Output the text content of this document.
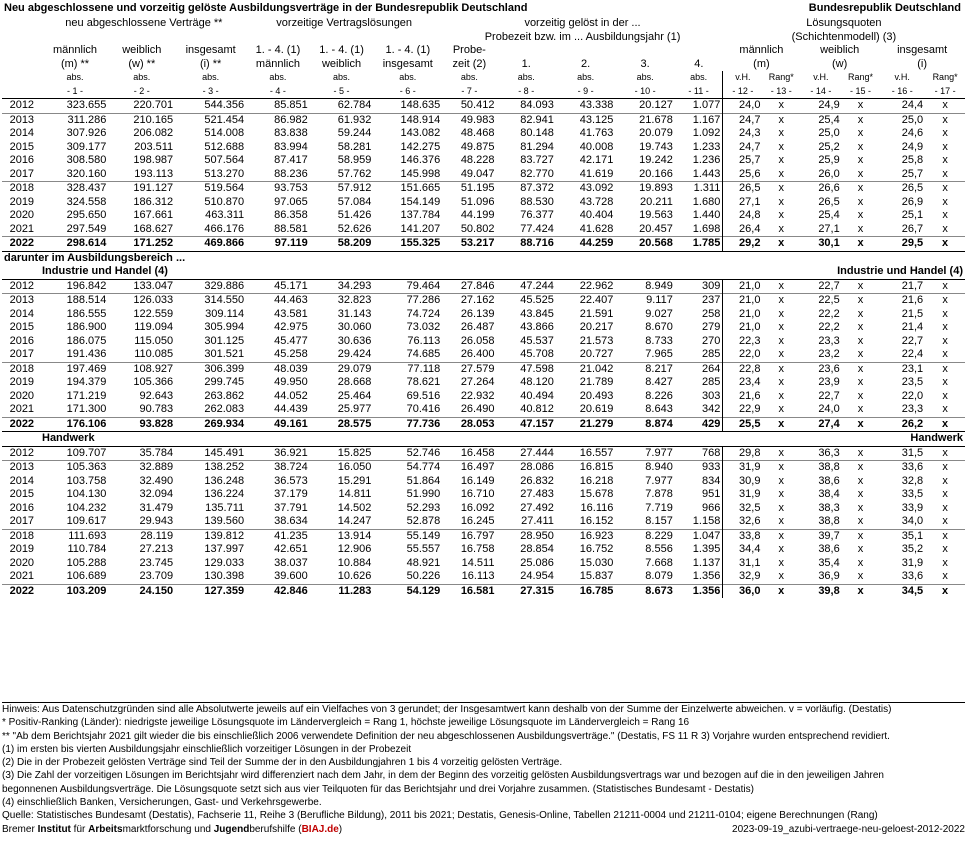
Neu abgeschlossene und vorzeitig gelöste Ausbildungsverträge in der Bundesrepublik Deutschland	Bundesrepublik Deutschland
	neu abgeschlossene Verträge **			vorzeitige Vertragslösungen			vorzeitig gelöst in der ...					Lösungsquoten					
							Probezeit bzw. im ... Ausbildungsjahr (1)					(Schichtenmodell) (3)					
	männlich	weiblich	insgesamt	1. - 4. (1)	1. - 4. (1)	1. - 4. (1)	Probe-					männlich		weiblich		insgesamt	
	(m) **	(w) **	(i) **	männlich	weiblich	insgesamt	zeit (2)	1.	2.	3.	4.	(m)		(w)		(i)	
	abs.	abs.	abs.	abs.	abs.	abs.	abs.	abs.	abs.	abs.	abs.	v.H.	Rang*	v.H.	Rang*	v.H.	Rang*
	- 1 -	- 2 -	- 3 -	- 4 -	- 5 -	- 6 -	- 7 -	- 8 -	- 9 -	- 10 -	- 11 -	- 12 -	- 13 -	- 14 -	- 15 -	- 16 -	- 17 -
2012	323.655	220.701	544.356	85.851	62.784	148.635	50.412	84.093	43.338	20.127	1.077	24,0	x	24,9	x	24,4	x
2013	311.286	210.165	521.454	86.982	61.932	148.914	49.983	82.941	43.125	21.678	1.167	24,7	x	25,4	x	25,0	x
2014	307.926	206.082	514.008	83.838	59.244	143.082	48.468	80.148	41.763	20.079	1.092	24,3	x	25,0	x	24,6	x
2015	309.177	203.511	512.688	83.994	58.281	142.275	49.875	81.294	40.008	19.743	1.233	24,7	x	25,2	x	24,9	x
2016	308.580	198.987	507.564	87.417	58.959	146.376	48.228	83.727	42.171	19.242	1.236	25,7	x	25,9	x	25,8	x
2017	320.160	193.113	513.270	88.236	57.762	145.998	49.047	82.770	41.619	20.166	1.443	25,6	x	26,0	x	25,7	x
2018	328.437	191.127	519.564	93.753	57.912	151.665	51.195	87.372	43.092	19.893	1.311	26,5	x	26,6	x	26,5	x
2019	324.558	186.312	510.870	97.065	57.084	154.149	51.096	88.530	43.728	20.211	1.680	27,1	x	26,5	x	26,9	x
2020	295.650	167.661	463.311	86.358	51.426	137.784	44.199	76.377	40.404	19.563	1.440	24,8	x	25,4	x	25,1	x
2021	297.549	168.627	466.176	88.581	52.626	141.207	50.802	77.424	41.628	20.457	1.698	26,4	x	27,1	x	26,7	x
2022	298.614	171.252	469.866	97.119	58.209	155.325	53.217	88.716	44.259	20.568	1.785	29,2	x	30,1	x	29,5	x
darunter im Ausbildungsbereich ...																	
Industrie und Handel (4)							Industrie und Handel (4)										
2012	196.842	133.047	329.886	45.171	34.293	79.464	27.846	47.244	22.962	8.949	309	21,0	x	22,7	x	21,7	x
2013	188.514	126.033	314.550	44.463	32.823	77.286	27.162	45.525	22.407	9.117	237	21,0	x	22,5	x	21,6	x
2014	186.555	122.559	309.114	43.581	31.143	74.724	26.139	43.845	21.591	9.027	258	21,0	x	22,2	x	21,5	x
2015	186.900	119.094	305.994	42.975	30.060	73.032	26.487	43.866	20.217	8.670	279	21,0	x	22,2	x	21,4	x
2016	186.075	115.050	301.125	45.477	30.636	76.113	26.058	45.537	21.573	8.733	270	22,3	x	23,3	x	22,7	x
2017	191.436	110.085	301.521	45.258	29.424	74.685	26.400	45.708	20.727	7.965	285	22,0	x	23,2	x	22,4	x
2018	197.469	108.927	306.399	48.039	29.079	77.118	27.579	47.598	21.042	8.217	264	22,8	x	23,6	x	23,1	x
2019	194.379	105.366	299.745	49.950	28.668	78.621	27.264	48.120	21.789	8.427	285	23,4	x	23,9	x	23,5	x
2020	171.219	92.643	263.862	44.052	25.464	69.516	22.932	40.494	20.493	8.226	303	21,6	x	22,7	x	22,0	x
2021	171.300	90.783	262.083	44.439	25.977	70.416	26.490	40.812	20.619	8.643	342	22,9	x	24,0	x	23,3	x
2022	176.106	93.828	269.934	49.161	28.575	77.736	28.053	47.157	21.279	8.874	429	25,5	x	27,4	x	26,2	x
Handwerk							Handwerk										
2012	109.707	35.784	145.491	36.921	15.825	52.746	16.458	27.444	16.557	7.977	768	29,8	x	36,3	x	31,5	x
2013	105.363	32.889	138.252	38.724	16.050	54.774	16.497	28.086	16.815	8.940	933	31,9	x	38,8	x	33,6	x
2014	103.758	32.490	136.248	36.573	15.291	51.864	16.149	26.832	16.218	7.977	834	30,9	x	38,6	x	32,8	x
2015	104.130	32.094	136.224	37.179	14.811	51.990	16.710	27.483	15.678	7.878	951	31,9	x	38,4	x	33,5	x
2016	104.232	31.479	135.711	37.791	14.502	52.293	16.092	27.492	16.116	7.719	966	32,5	x	38,3	x	33,9	x
2017	109.617	29.943	139.560	38.634	14.247	52.878	16.245	27.411	16.152	8.157	1.158	32,6	x	38,8	x	34,0	x
2018	111.693	28.119	139.812	41.235	13.914	55.149	16.797	28.950	16.923	8.229	1.047	33,8	x	39,7	x	35,1	x
2019	110.784	27.213	137.997	42.651	12.906	55.557	16.758	28.854	16.752	8.556	1.395	34,4	x	38,6	x	35,2	x
2020	105.288	23.745	129.033	38.037	10.884	48.921	14.511	25.086	15.030	7.668	1.137	31,1	x	35,4	x	31,9	x
2021	106.689	23.709	130.398	39.600	10.626	50.226	16.113	24.954	15.837	8.079	1.356	32,9	x	36,9	x	33,6	x
2022	103.209	24.150	127.359	42.846	11.283	54.129	16.581	27.315	16.785	8.673	1.356	36,0	x	39,8	x	34,5	x
Hinweis: Aus Datenschutzgründen sind alle Absolutwerte jeweils auf ein Vielfaches von 3 gerundet; der Insgesamtwert kann deshalb von der Summe der Einzelwerte abweichen. v = vorläufig. (Destatis)
* Positiv-Ranking (Länder): niedrigste jeweilige Lösungsquote im Ländervergleich = Rang 1, höchste jeweilige Lösungsquote im Ländervergleich = Rang 16
** "Ab dem Berichtsjahr 2021 gilt wieder die bis einschließlich 2006 verwendete Definition der neu abgeschlossenen Ausbildungsverträge." (Destatis, FS 11 R 3) Vorjahre wurden entsprechend revidiert.
(1) im ersten bis vierten Ausbildungsjahr einschließlich vorzeitiger Lösungen in der Probezeit
(2) Die in der Probezeit gelösten Verträge sind Teil der Summe der in den Ausbildungjahren 1 bis 4 vorzeitig gelösten Verträge.
(3) Die Zahl der vorzeitigen Lösungen im Berichtsjahr wird differenziert nach dem Jahr, in dem der Beginn des vorzeitig gelösten Ausbildungsvertrags war und bezogen auf die in den jeweiligen Jahren
begonnenen Ausbildungsverträge. Die Lösungsquote setzt sich aus vier Teilquoten für das Berichtsjahr und drei Vorjahre zusammen. (Statistisches Bundesamt - Destatis)
(4) einschließlich Banken, Versicherungen, Gast- und Verkehrsgewerbe.
Quelle: Statistisches Bundesamt (Destatis), Fachserie 11, Reihe 3 (Berufliche Bildung), 2011 bis 2021; Destatis, Genesis-Online, Tabellen 21211-0004 und 21211-0104; eigene Berechnungen (Rang)
Bremer Institut für Arbeitsmarktforschung und Jugendberufshilfe (BIAJ.de)	2023-09-19_azubi-vertraege-neu-geloest-2012-2022
